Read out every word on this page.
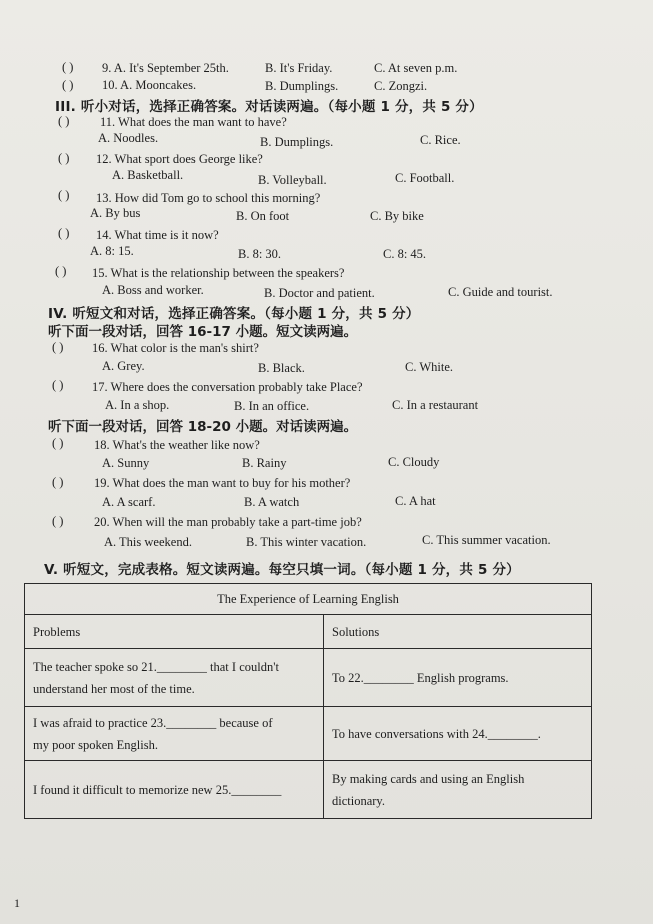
( ) 9. A. It's September 25th.	B. It's Friday.	C. At seven p.m.
( ) 10. A. Mooncakes.	B. Dumplings.	C. Zongzi.
III. 听小对话，选择正确答案。对话读两遍。（每小题 1 分，共 5 分）
( ) 11. What does the man want to have?
A. Noodles.	B. Dumplings.	C. Rice.
( ) 12. What sport does George like?
A. Basketball.	B. Volleyball.	C. Football.
( ) 13. How did Tom go to school this morning?
A. By bus	B. On foot	C. By bike
( ) 14. What time is it now?
A. 8: 15.	B. 8: 30.	C. 8: 45.
( ) 15. What is the relationship between the speakers?
A. Boss and worker.	B. Doctor and patient.	C. Guide and tourist.
IV. 听短文和对话，选择正确答案。（每小题 1 分，共 5 分）
听下面一段对话，回答 16-17 小题。短文读两遍。
( ) 16. What color is the man's shirt?
A. Grey.	B. Black.	C. White.
( ) 17. Where does the conversation probably take Place?
A. In a shop.	B. In an office.	C. In a restaurant
听下面一段对话，回答 18-20 小题。对话读两遍。
( ) 18. What's the weather like now?
A. Sunny	B. Rainy	C. Cloudy
( ) 19. What does the man want to buy for his mother?
A. A scarf.	B. A watch	C. A hat
( ) 20. When will the man probably take a part-time job?
A. This weekend.	B. This winter vacation.	C. This summer vacation.
V. 听短文，完成表格。短文读两遍。每空只填一词。（每小题 1 分，共 5 分）
The Experience of Learning English	
Problems	Solutions

The teacher spoke so 21.________ that I couldn't
understand her most of the time.	To 22.________ English programs.

I was afraid to practice 23.________ because of
my poor spoken English.	To have conversations with 24.________.

I found it difficult to memorize new 25.________	By making cards and using an English
dictionary.
1
